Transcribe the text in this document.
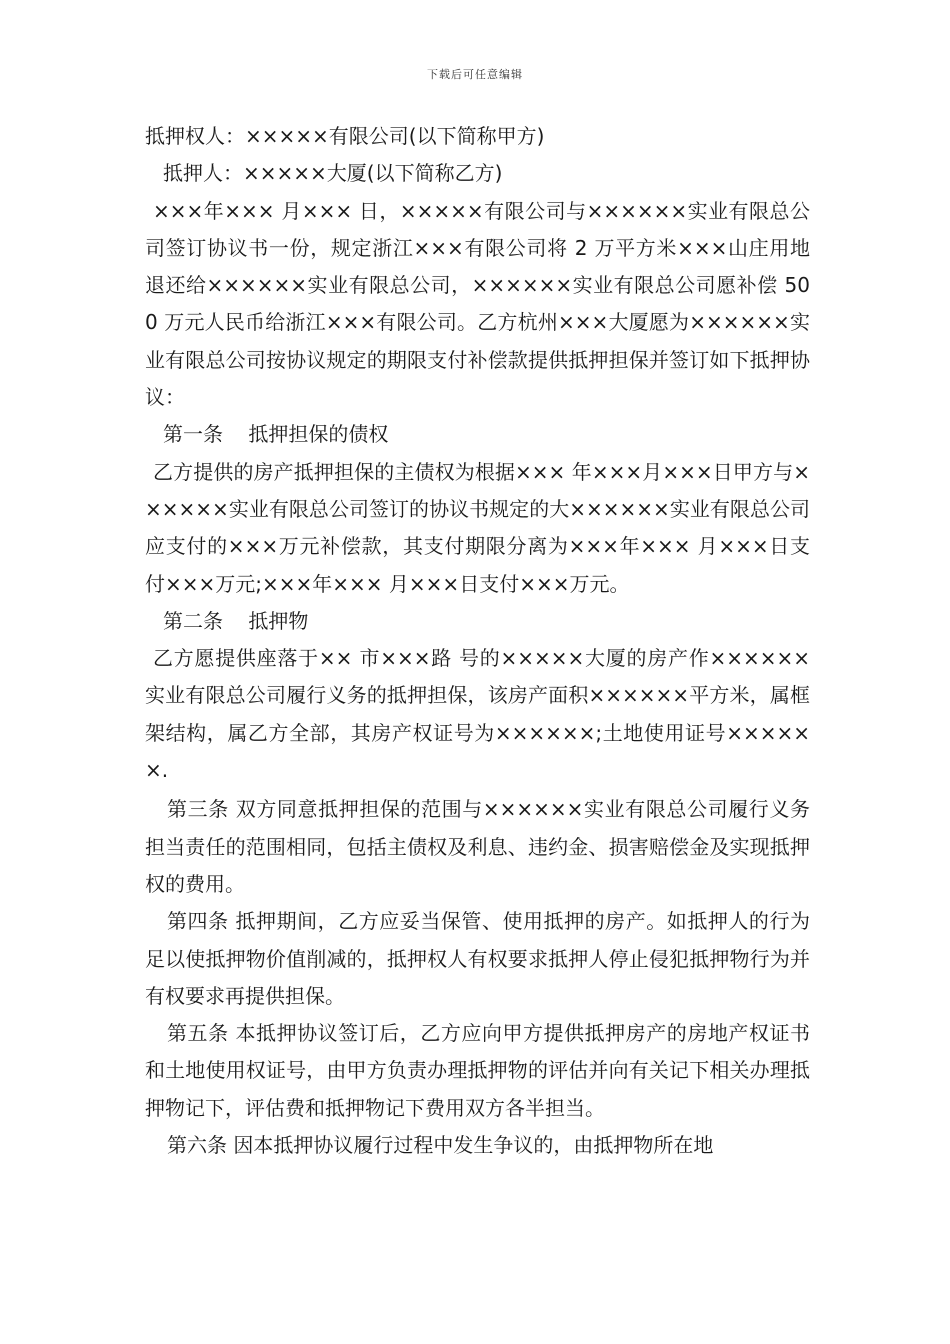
下载后可任意编辑

抵押权人：×××××有限公司(以下简称甲方)

抵押人：×××××大厦(以下简称乙方)

×××年××× 月××× 日，×××××有限公司与××××××实业有限总公司签订协议书一份，规定浙江×××有限公司将 2 万平方米×××山庄用地退还给××××××实业有限总公司，××××××实业有限总公司愿补偿 500 万元人民币给浙江×××有限公司。乙方杭州×××大厦愿为××××××实业有限总公司按协议规定的期限支付补偿款提供抵押担保并签订如下抵押协议：

第一条    抵押担保的债权

乙方提供的房产抵押担保的主债权为根据××× 年×××月×××日甲方与××××××实业有限总公司签订的协议书规定的大××××××实业有限总公司应支付的×××万元补偿款，其支付期限分离为×××年××× 月×××日支付×××万元;×××年××× 月×××日支付×××万元。

第二条    抵押物

乙方愿提供座落于×× 市×××路 号的×××××大厦的房产作××××××实业有限总公司履行义务的抵押担保，该房产面积××××××平方米，属框架结构，属乙方全部，其房产权证号为××××××;土地使用证号××××××.

第三条 双方同意抵押担保的范围与××××××实业有限总公司履行义务担当责任的范围相同，包括主债权及利息、违约金、损害赔偿金及实现抵押权的费用。

第四条 抵押期间，乙方应妥当保管、使用抵押的房产。如抵押人的行为足以使抵押物价值削减的，抵押权人有权要求抵押人停止侵犯抵押物行为并有权要求再提供担保。

第五条 本抵押协议签订后，乙方应向甲方提供抵押房产的房地产权证书和土地使用权证号，由甲方负责办理抵押物的评估并向有关记下相关办理抵押物记下，评估费和抵押物记下费用双方各半担当。

第六条 因本抵押协议履行过程中发生争议的，由抵押物所在地
